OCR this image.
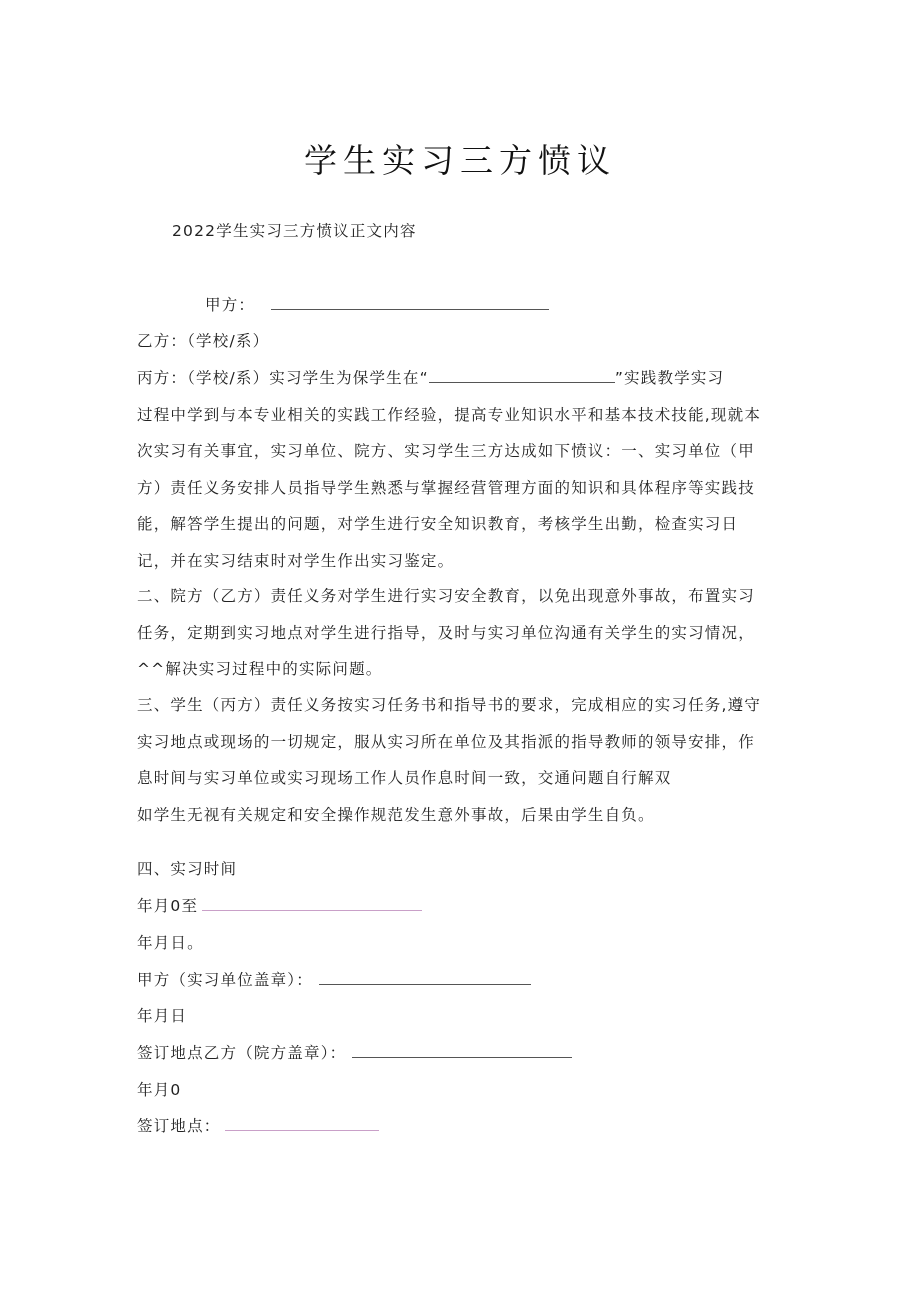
学生实习三方愤议
2022学生实习三方愤议正文内容
甲方：
乙方：（学校/系）
丙方：（学校/系）实习学生为保学生在“	”实践教学实习
过程中学到与本专业相关的实践工作经验，提高专业知识水平和基本技术技能,现就本
次实习有关事宜，实习单位、院方、实习学生三方达成如下愤议：一、实习单位（甲
方）责任义务安排人员指导学生熟悉与掌握经营管理方面的知识和具体程序等实践技
能，解答学生提出的问题，对学生进行安全知识教育，考核学生出勤，检查实习日
记，并在实习结束时对学生作出实习鉴定。
二、院方（乙方）责任义务对学生进行实习安全教育，以免出现意外事故，布置实习
任务，定期到实习地点对学生进行指导，及时与实习单位沟通有关学生的实习情况，
^^解决实习过程中的实际问题。
三、学生（丙方）责任义务按实习任务书和指导书的要求，完成相应的实习任务,遵守
实习地点或现场的一切规定，服从实习所在单位及其指派的指导教师的领导安排，作
息时间与实习单位或实习现场工作人员作息时间一致，交通问题自行解双
如学生无视有关规定和安全操作规范发生意外事故，后果由学生自负。
四、实习时间
年月0至
年月日。
甲方（实习单位盖章）：
年月日
签订地点乙方（院方盖章）：
年月0
签订地点：
